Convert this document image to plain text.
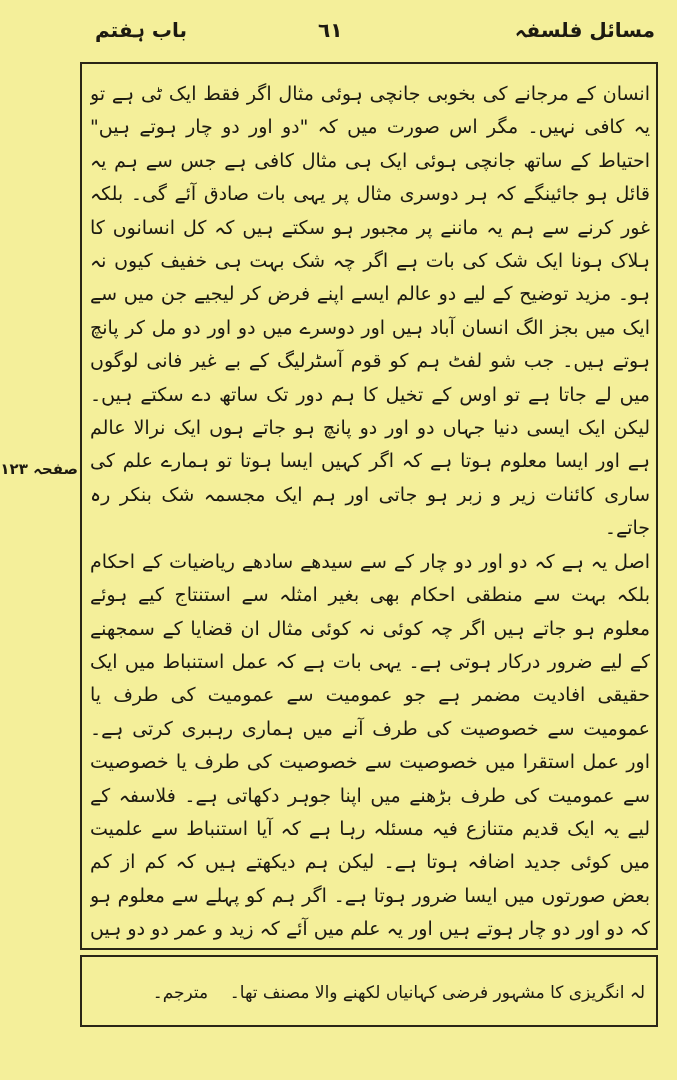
مسائل فلسفہ
٦١
باب ہفتم
صفحہ ١٢٣

انسان کے مرجانے کی بخوبی جانچی ہوئی مثال اگر فقط ایک ٹی ہے تو یہ کافی نہیں۔ مگر اس صورت میں کہ "دو اور دو چار ہوتے ہیں" احتیاط کے ساتھ جانچی ہوئی ایک ہی مثال کافی ہے جس سے ہم یہ قائل ہو جائینگے کہ ہر دوسری مثال پر یہی بات صادق آئے گی۔ بلکہ غور کرنے سے ہم یہ ماننے پر مجبور ہو سکتے ہیں کہ کل انسانوں کا ہلاک ہونا ایک شک کی بات ہے اگر چہ شک بہت ہی خفیف کیوں نہ ہو۔ مزید توضیح کے لیے دو عالم ایسے اپنے فرض کر لیجیے جن میں سے ایک میں بجز الگ انسان آباد ہیں اور دوسرے میں دو اور دو مل کر پانچ ہوتے ہیں۔ جب شو لفٹ ہم کو قوم آسٹرلیگ کے بے غیر فانی لوگوں میں لے جاتا ہے تو اوس کے تخیل کا ہم دور تک ساتھ دے سکتے ہیں۔ لیکن ایک ایسی دنیا جہاں دو اور دو پانچ ہو جاتے ہوں ایک نرالا عالم ہے اور ایسا معلوم ہوتا ہے کہ اگر کہیں ایسا ہوتا تو ہمارے علم کی ساری کائنات زیر و زبر ہو جاتی اور ہم ایک مجسمہ شک بنکر رہ جاتے۔

اصل یہ ہے کہ دو اور دو چار کے سے سیدھے سادھے ریاضیات کے احکام بلکہ بہت سے منطقی احکام بھی بغیر امثلہ سے استنتاج کیے ہوئے معلوم ہو جاتے ہیں اگر چہ کوئی نہ کوئی مثال ان قضایا کے سمجھنے کے لیے ضرور درکار ہوتی ہے۔ یہی بات ہے کہ عمل استنباط میں ایک حقیقی افادیت مضمر ہے جو عمومیت سے عمومیت کی طرف یا عمومیت سے خصوصیت کی طرف آنے میں ہماری رہبری کرتی ہے۔ اور عمل استقرا میں خصوصیت سے خصوصیت کی طرف یا خصوصیت سے عمومیت کی طرف بڑھنے میں اپنا جوہر دکھاتی ہے۔ فلاسفہ کے لیے یہ ایک قدیم متنازع فیہ مسئلہ رہا ہے کہ آیا استنباط سے علمیت میں کوئی جدید اضافہ ہوتا ہے۔ لیکن ہم دیکھتے ہیں کہ کم از کم بعض صورتوں میں ایسا ضرور ہوتا ہے۔ اگر ہم کو پہلے سے معلوم ہو کہ دو اور دو چار ہوتے ہیں اور یہ علم میں آئے کہ زید و عمر دو دو ہیں

لہ انگریزی کا مشہور فرضی کہانیاں لکھنے والا مصنف تھا۔    مترجم۔
